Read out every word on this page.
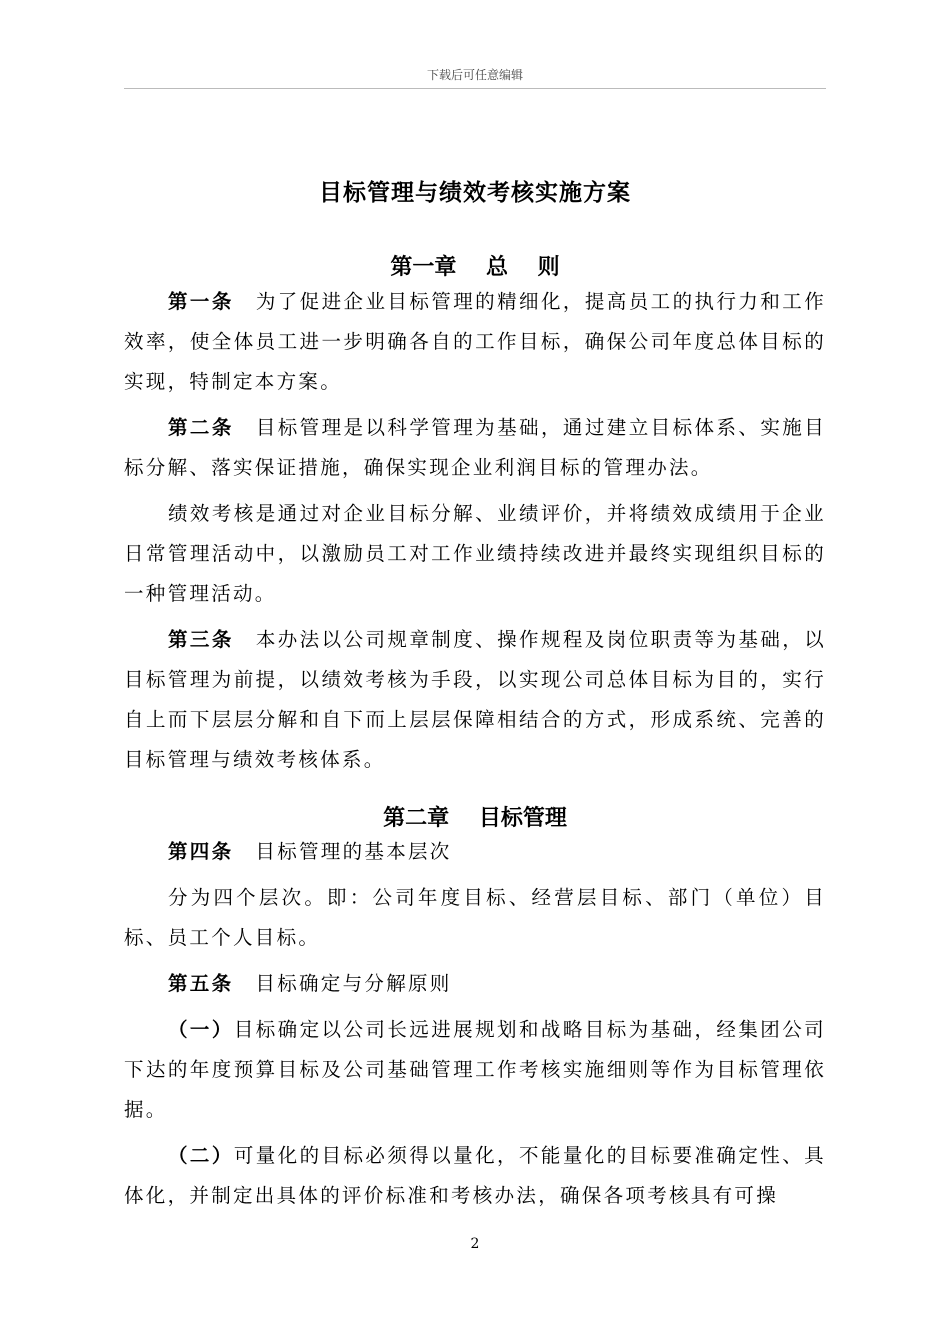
下载后可任意编辑
目标管理与绩效考核实施方案
第一章　 总　 则

第一条 为了促进企业目标管理的精细化，提高员工的执行力和工作效率，使全体员工进一步明确各自的工作目标，确保公司年度总体目标的实现，特制定本方案。

第二条 目标管理是以科学管理为基础，通过建立目标体系、实施目标分解、落实保证措施，确保实现企业利润目标的管理办法。

绩效考核是通过对企业目标分解、业绩评价，并将绩效成绩用于企业日常管理活动中，以激励员工对工作业绩持续改进并最终实现组织目标的一种管理活动。

第三条 本办法以公司规章制度、操作规程及岗位职责等为基础，以目标管理为前提，以绩效考核为手段，以实现公司总体目标为目的，实行自上而下层层分解和自下而上层层保障相结合的方式，形成系统、完善的目标管理与绩效考核体系。

第二章　 目标管理

第四条 目标管理的基本层次

分为四个层次。即：公司年度目标、经营层目标、部门（单位）目标、员工个人目标。

第五条 目标确定与分解原则

（一）目标确定以公司长远进展规划和战略目标为基础，经集团公司下达的年度预算目标及公司基础管理工作考核实施细则等作为目标管理依据。

（二）可量化的目标必须得以量化，不能量化的目标要准确定性、具体化，并制定出具体的评价标准和考核办法，确保各项考核具有可操

2
